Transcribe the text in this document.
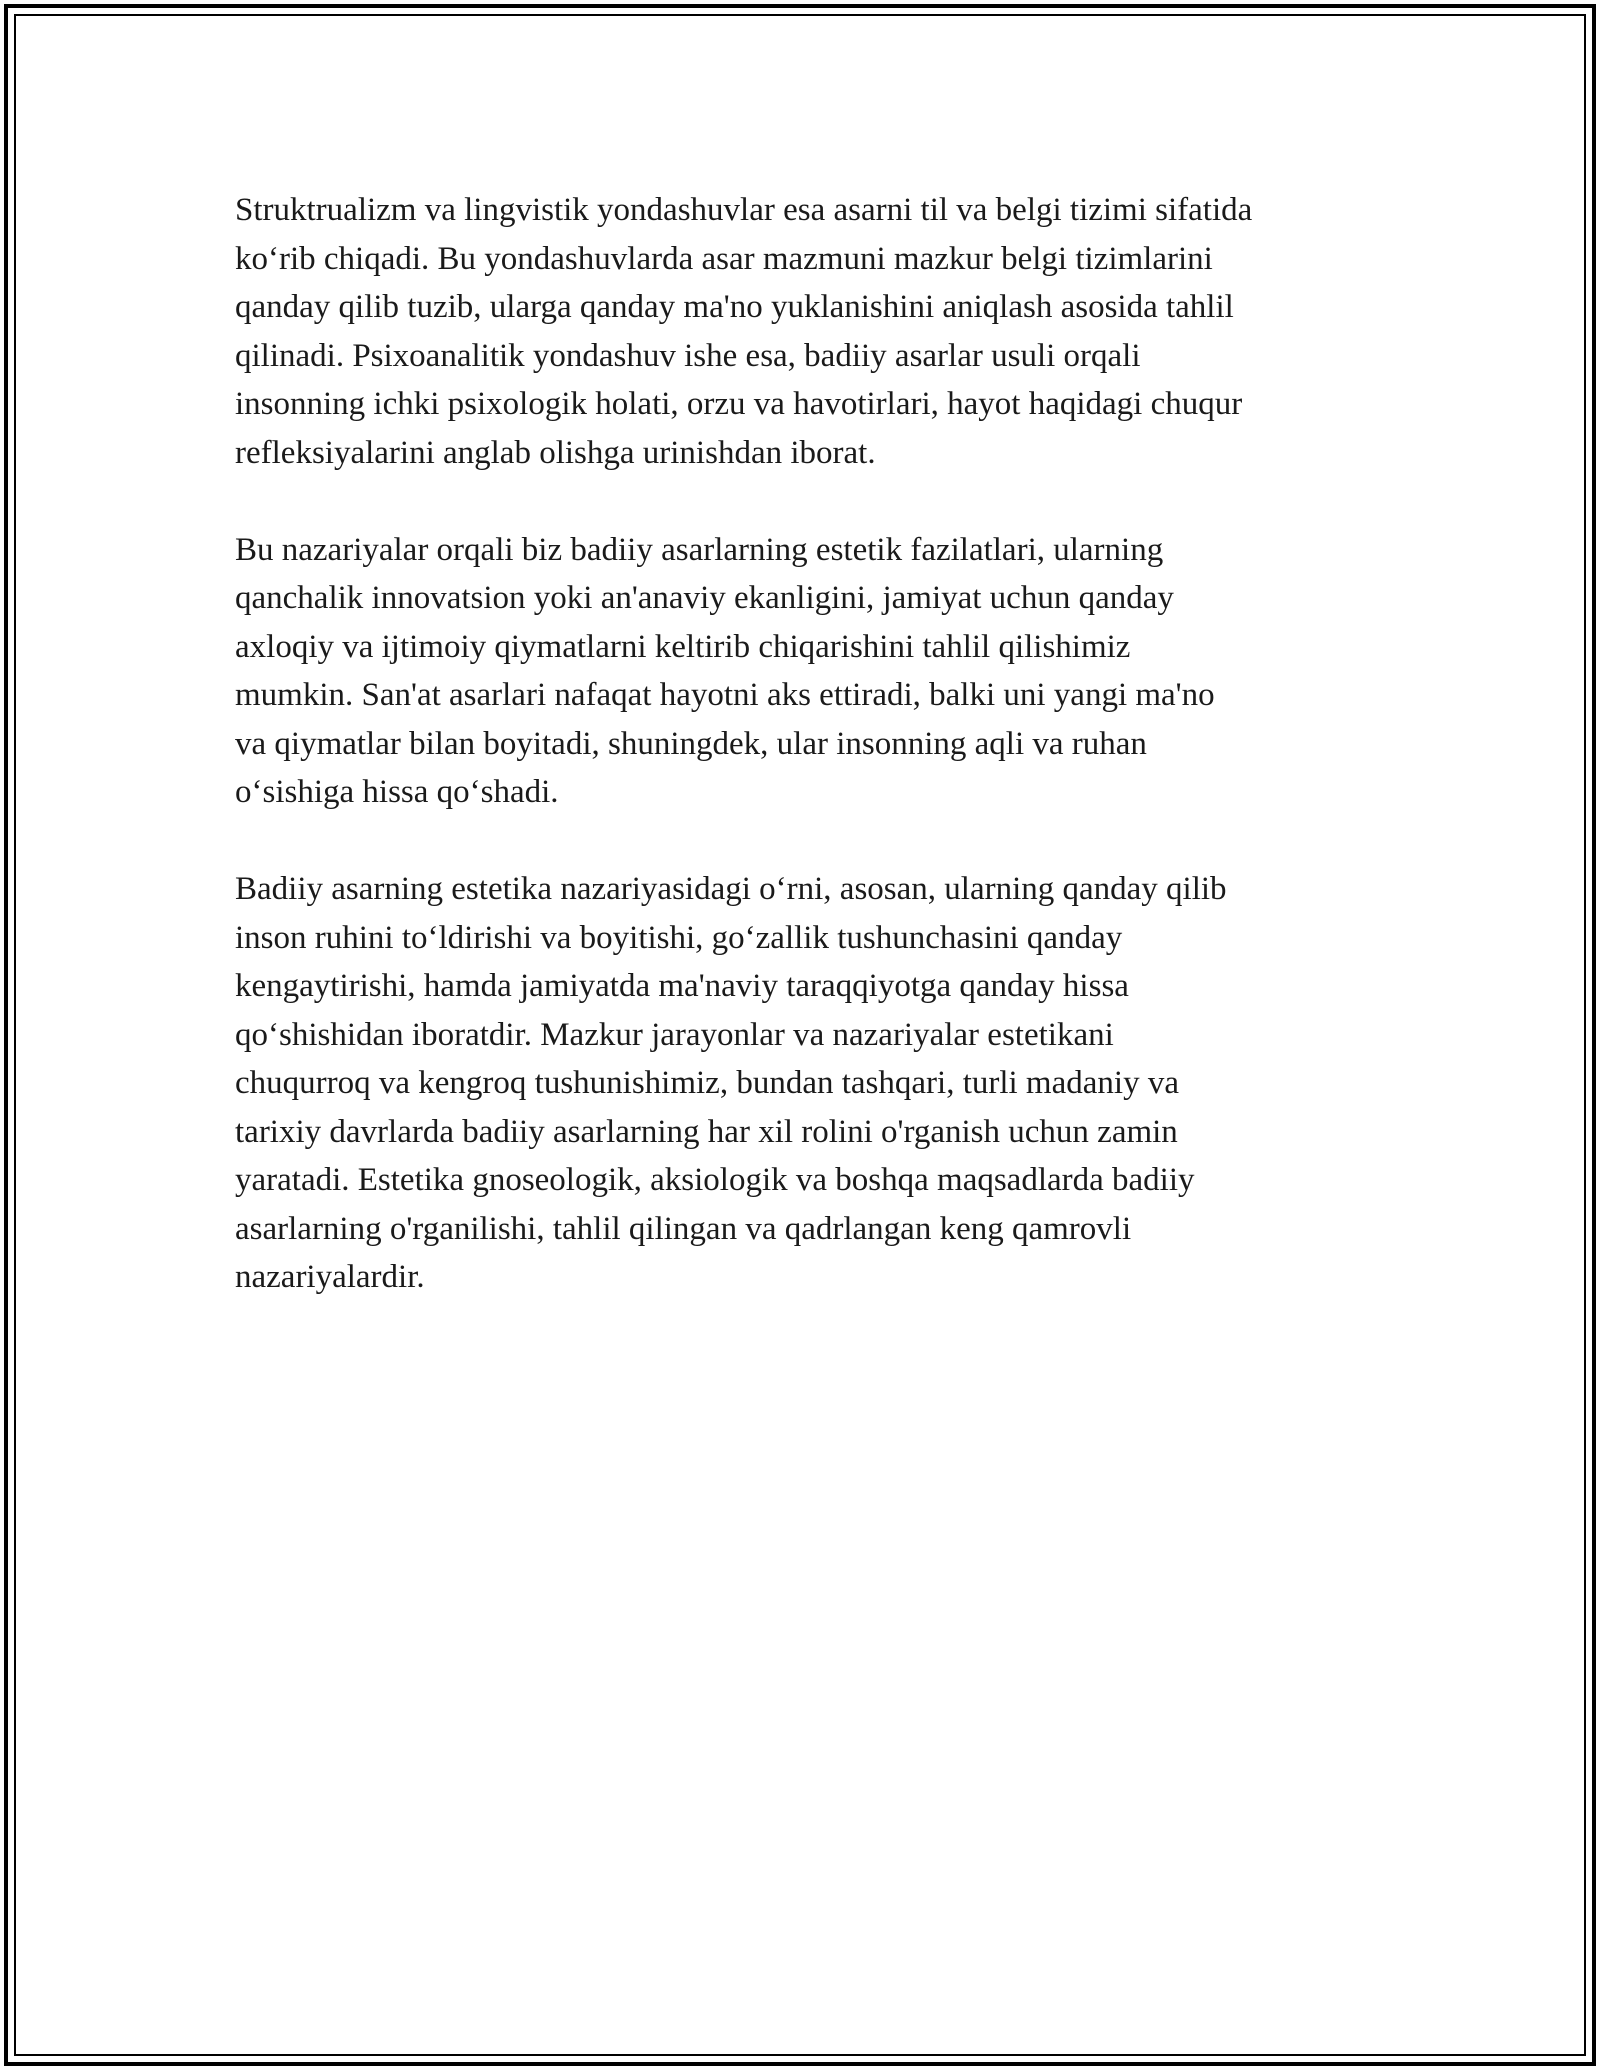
Struktrualizm va lingvistik yondashuvlar esa asarni til va belgi tizimi sifatida
ko‘rib chiqadi. Bu yondashuvlarda asar mazmuni mazkur belgi tizimlarini
qanday qilib tuzib, ularga qanday ma'no yuklanishini aniqlash asosida tahlil
qilinadi. Psixoanalitik yondashuv ishe esa, badiiy asarlar usuli orqali
insonning ichki psixologik holati, orzu va havotirlari, hayot haqidagi chuqur
refleksiyalarini anglab olishga urinishdan iborat.

Bu nazariyalar orqali biz badiiy asarlarning estetik fazilatlari, ularning
qanchalik innovatsion yoki an'anaviy ekanligini, jamiyat uchun qanday
axloqiy va ijtimoiy qiymatlarni keltirib chiqarishini tahlil qilishimiz
mumkin. San'at asarlari nafaqat hayotni aks ettiradi, balki uni yangi ma'no
va qiymatlar bilan boyitadi, shuningdek, ular insonning aqli va ruhan
o‘sishiga hissa qo‘shadi.

Badiiy asarning estetika nazariyasidagi o‘rni, asosan, ularning qanday qilib
inson ruhini to‘ldirishi va boyitishi, go‘zallik tushunchasini qanday
kengaytirishi, hamda jamiyatda ma'naviy taraqqiyotga qanday hissa
qo‘shishidan iboratdir. Mazkur jarayonlar va nazariyalar estetikani
chuqurroq va kengroq tushunishimiz, bundan tashqari, turli madaniy va
tarixiy davrlarda badiiy asarlarning har xil rolini o'rganish uchun zamin
yaratadi. Estetika gnoseologik, aksiologik va boshqa maqsadlarda badiiy
asarlarning o'rganilishi, tahlil qilingan va qadrlangan keng qamrovli
nazariyalardir.
